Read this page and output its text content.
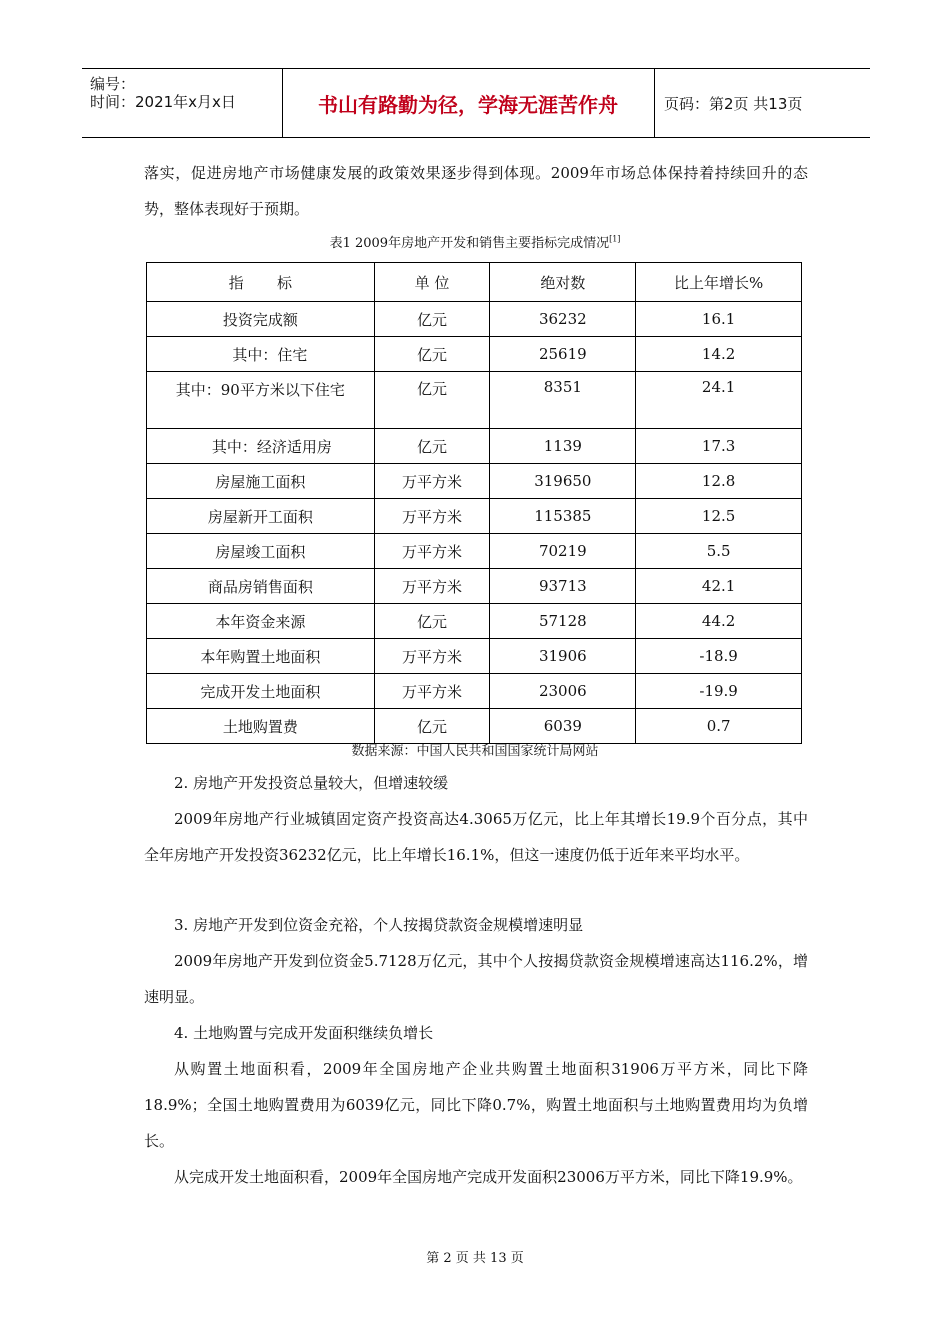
编号：
时间：2021年x月x日	书山有路勤为径，学海无涯苦作舟	页码：第2页 共13页

落实，促进房地产市场健康发展的政策效果逐步得到体现。2009年市场总体保持着持续回升的态势，整体表现好于预期。

表1 2009年房地产开发和销售主要指标完成情况[1]
指       标	单 位	绝对数	比上年增长%
投资完成额	亿元	36232	16.1
其中：住宅	亿元	25619	14.2
其中：90平方米以下住宅	亿元	8351	24.1
其中：经济适用房	亿元	1139	17.3
房屋施工面积	万平方米	319650	12.8
房屋新开工面积	万平方米	115385	12.5
房屋竣工面积	万平方米	70219	5.5
商品房销售面积	万平方米	93713	42.1
本年资金来源	亿元	57128	44.2
本年购置土地面积	万平方米	31906	-18.9
完成开发土地面积	万平方米	23006	-19.9
土地购置费	亿元	6039	0.7
数据来源：中国人民共和国国家统计局网站

2. 房地产开发投资总量较大，但增速较缓

2009年房地产行业城镇固定资产投资高达4.3065万亿元，比上年其增长19.9个百分点，其中全年房地产开发投资36232亿元，比上年增长16.1%，但这一速度仍低于近年来平均水平。

3. 房地产开发到位资金充裕，个人按揭贷款资金规模增速明显

2009年房地产开发到位资金5.7128万亿元，其中个人按揭贷款资金规模增速高达116.2%，增速明显。

4. 土地购置与完成开发面积继续负增长

从购置土地面积看，2009年全国房地产企业共购置土地面积31906万平方米，同比下降18.9%；全国土地购置费用为6039亿元，同比下降0.7%，购置土地面积与土地购置费用均为负增长。

从完成开发土地面积看，2009年全国房地产完成开发面积23006万平方米，同比下降19.9%。

第 2 页 共 13 页
